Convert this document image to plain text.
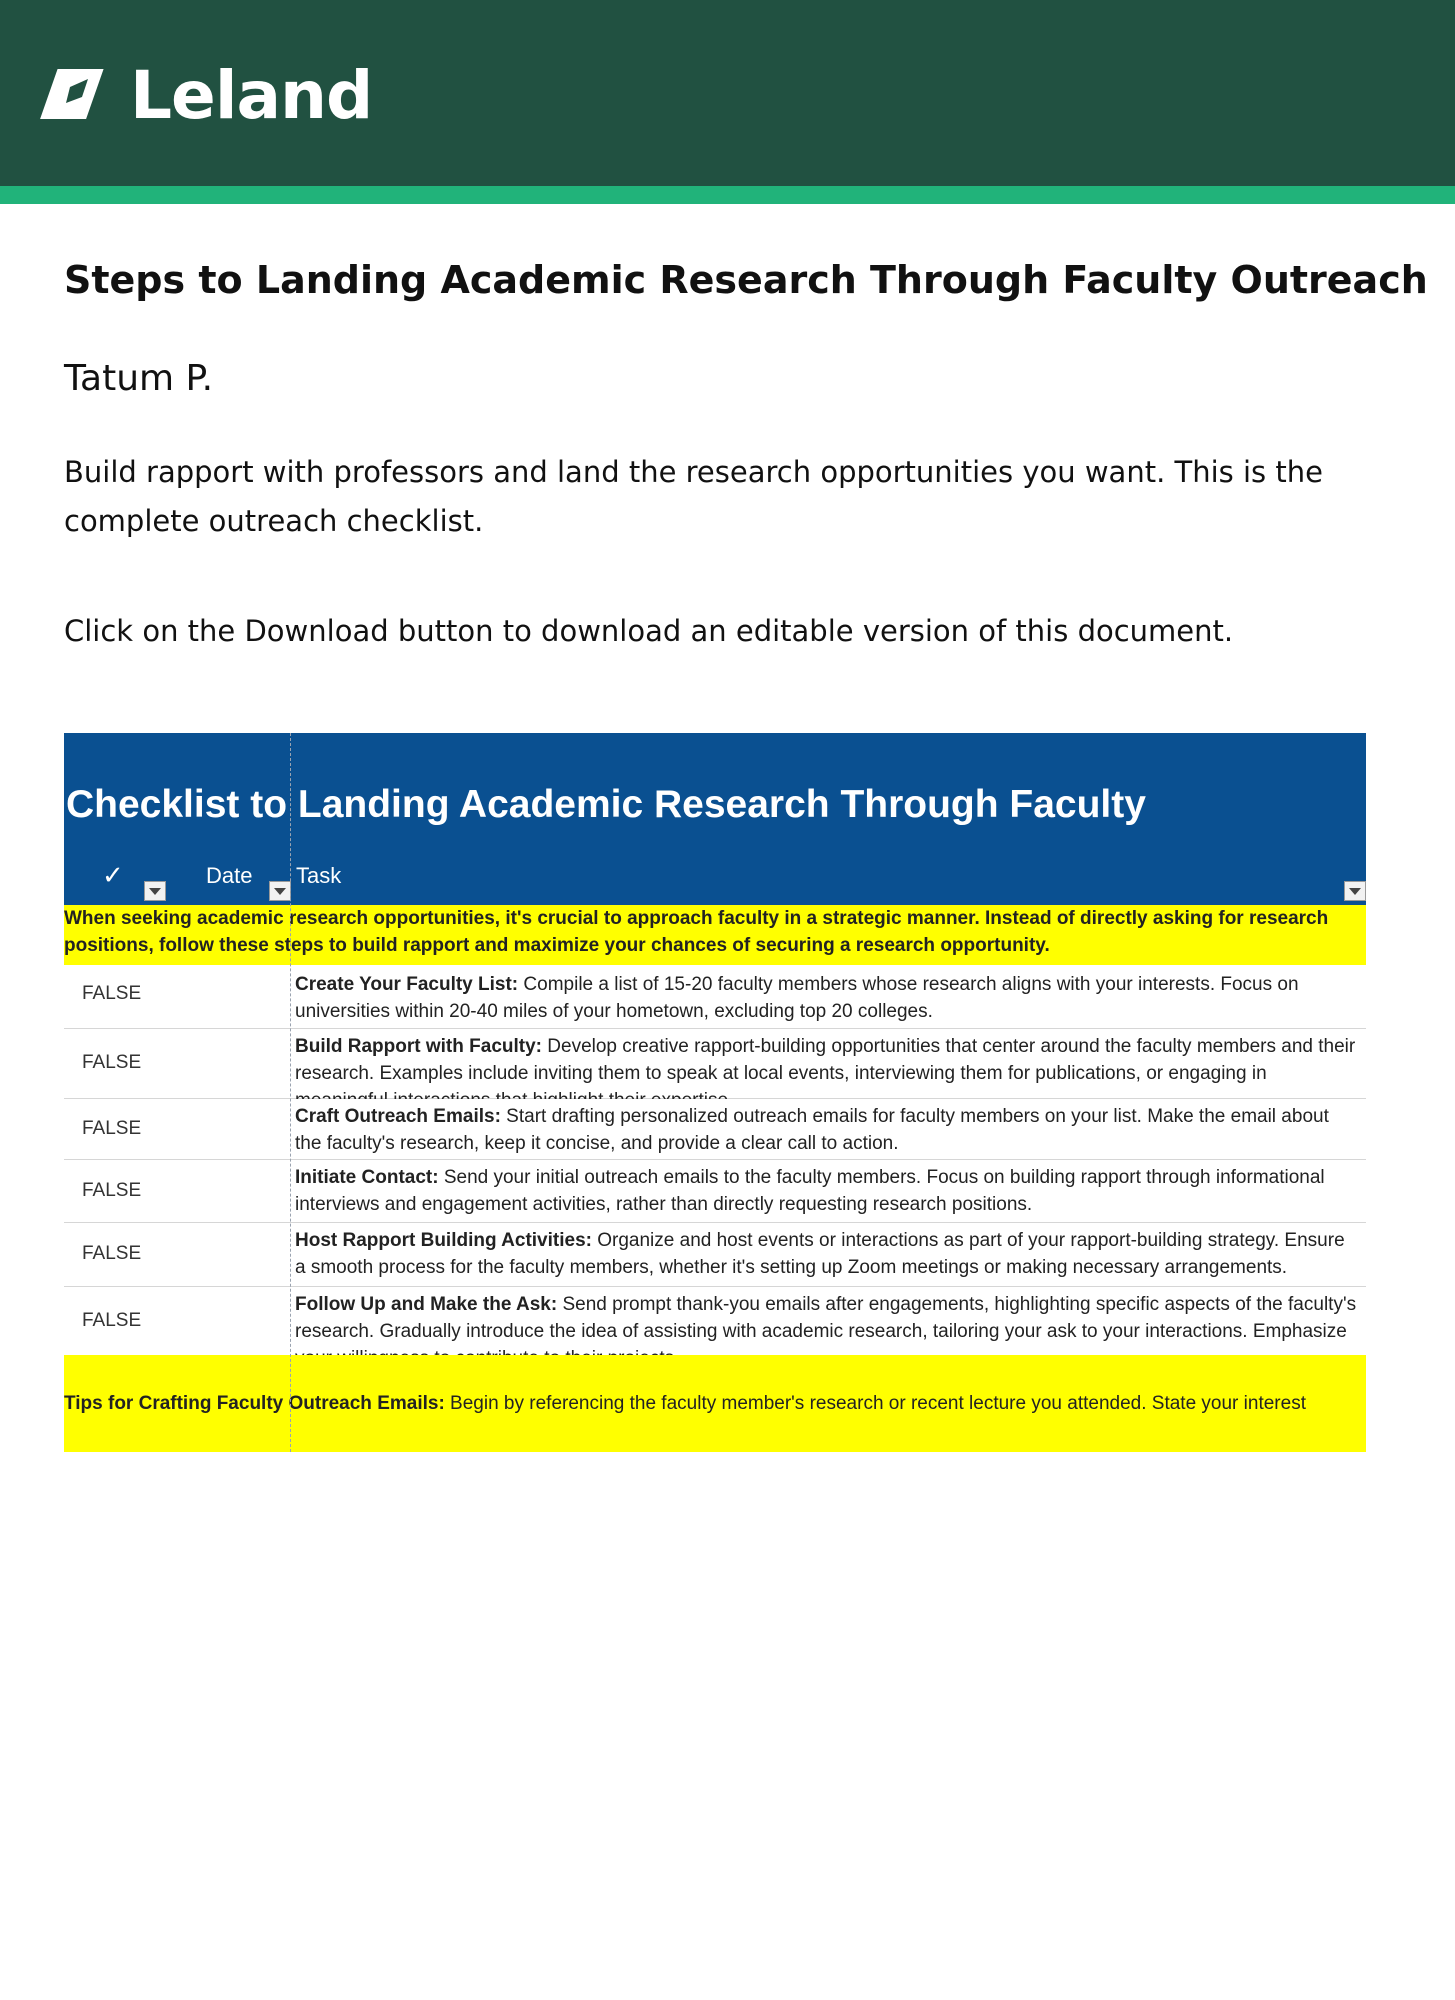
Leland
Steps to Landing Academic Research Through Faculty Outreach
Tatum P.
Build rapport with professors and land the research opportunities you want. This is the complete outreach checklist.
Click on the Download button to download an editable version of this document.
Checklist to Landing Academic Research Through Faculty
✓	Date Task
When seeking academic research opportunities, it's crucial to approach faculty in a strategic manner. Instead of directly asking for research positions, follow these steps to build rapport and maximize your chances of securing a research opportunity.
FALSE	Create Your Faculty List: Compile a list of 15-20 faculty members whose research aligns with your interests. Focus on universities within 20-40 miles of your hometown, excluding top 20 colleges.
FALSE
Build Rapport with Faculty: Develop creative rapport-building opportunities that center around the faculty members and their research. Examples include inviting them to speak at local events, interviewing them for publications, or engaging in
FALSE
Craft Outreach Emails: Start drafting personalized outreach emails for faculty members on your list. Make the email about the faculty's research, keep it concise, and provide a clear call to action.
FALSE
Initiate Contact: Send your initial outreach emails to the faculty members. Focus on building rapport through informational interviews and engagement activities, rather than directly requesting research positions.
FALSE
Host Rapport Building Activities: Organize and host events or interactions as part of your rapport-building strategy. Ensure a smooth process for the faculty members, whether it's setting up Zoom meetings or making necessary arrangements.
FALSE
Follow Up and Make the Ask: Send prompt thank-you emails after engagements, highlighting specific aspects of the faculty's research. Gradually introduce the idea of assisting with academic research, tailoring your ask to your interactions. Emphasize
Tips for Crafting Faculty Outreach Emails: Begin by referencing the faculty member's research or recent lecture you attended. State your interest
